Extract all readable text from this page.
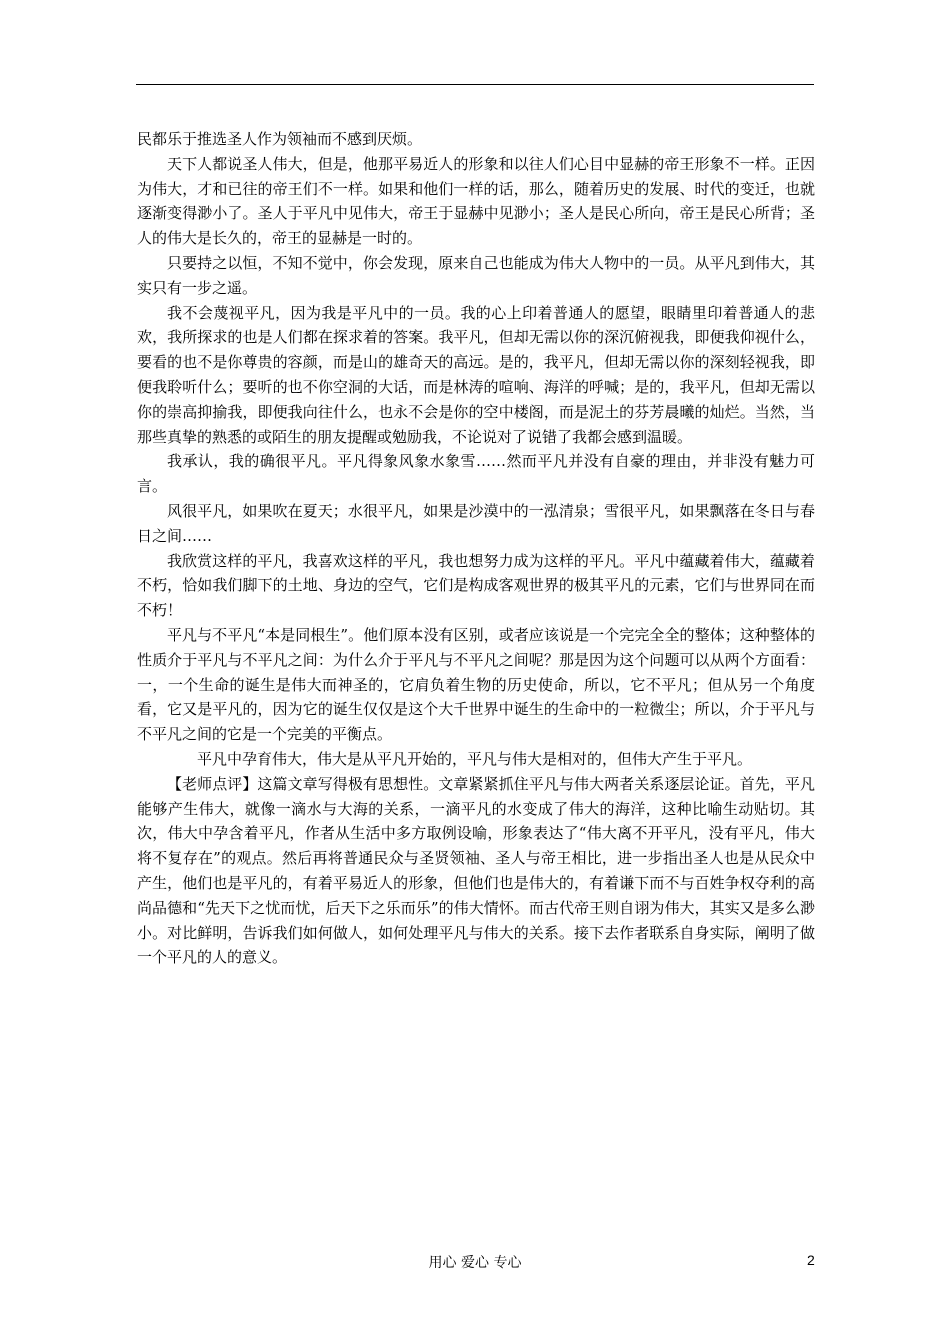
民都乐于推选圣人作为领袖而不感到厌烦。

天下人都说圣人伟大，但是，他那平易近人的形象和以往人们心目中显赫的帝王形象不一样。正因为伟大，才和已往的帝王们不一样。如果和他们一样的话，那么，随着历史的发展、时代的变迁，也就逐渐变得渺小了。圣人于平凡中见伟大，帝王于显赫中见渺小；圣人是民心所向，帝王是民心所背；圣人的伟大是长久的，帝王的显赫是一时的。

只要持之以恒，不知不觉中，你会发现，原来自己也能成为伟大人物中的一员。从平凡到伟大，其实只有一步之遥。

我不会蔑视平凡，因为我是平凡中的一员。我的心上印着普通人的愿望，眼睛里印着普通人的悲欢，我所探求的也是人们都在探求着的答案。我平凡，但却无需以你的深沉俯视我，即便我仰视什么，要看的也不是你尊贵的容颜，而是山的雄奇天的高远。是的，我平凡，但却无需以你的深刻轻视我，即便我聆听什么；要听的也不你空洞的大话，而是林涛的喧响、海洋的呼喊；是的，我平凡，但却无需以你的崇高抑揄我，即便我向往什么，也永不会是你的空中楼阁，而是泥土的芬芳晨曦的灿烂。当然，当那些真挚的熟悉的或陌生的朋友提醒或勉励我，不论说对了说错了我都会感到温暖。

我承认，我的确很平凡。平凡得象风象水象雪……然而平凡并没有自豪的理由，并非没有魅力可言。

风很平凡，如果吹在夏天；水很平凡，如果是沙漠中的一泓清泉；雪很平凡，如果飘落在冬日与春日之间……

我欣赏这样的平凡，我喜欢这样的平凡，我也想努力成为这样的平凡。平凡中蕴藏着伟大，蕴藏着不朽，恰如我们脚下的土地、身边的空气，它们是构成客观世界的极其平凡的元素，它们与世界同在而不朽！

平凡与不平凡“本是同根生”。他们原本没有区别，或者应该说是一个完完全全的整体；这种整体的性质介于平凡与不平凡之间：为什么介于平凡与不平凡之间呢？那是因为这个问题可以从两个方面看：一，一个生命的诞生是伟大而神圣的，它肩负着生物的历史使命，所以，它不平凡；但从另一个角度看，它又是平凡的，因为它的诞生仅仅是这个大千世界中诞生的生命中的一粒微尘；所以，介于平凡与不平凡之间的它是一个完美的平衡点。

平凡中孕育伟大，伟大是从平凡开始的，平凡与伟大是相对的，但伟大产生于平凡。

【老师点评】这篇文章写得极有思想性。文章紧紧抓住平凡与伟大两者关系逐层论证。首先，平凡能够产生伟大，就像一滴水与大海的关系，一滴平凡的水变成了伟大的海洋，这种比喻生动贴切。其次，伟大中孕含着平凡，作者从生活中多方取例设喻，形象表达了“伟大离不开平凡，没有平凡，伟大将不复存在”的观点。然后再将普通民众与圣贤领袖、圣人与帝王相比，进一步指出圣人也是从民众中产生，他们也是平凡的，有着平易近人的形象，但他们也是伟大的，有着谦下而不与百姓争权夺利的高尚品德和“先天下之忧而忧，后天下之乐而乐”的伟大情怀。而古代帝王则自诩为伟大，其实又是多么渺小。对比鲜明，告诉我们如何做人，如何处理平凡与伟大的关系。接下去作者联系自身实际，阐明了做一个平凡的人的意义。

用心 爱心 专心	2
